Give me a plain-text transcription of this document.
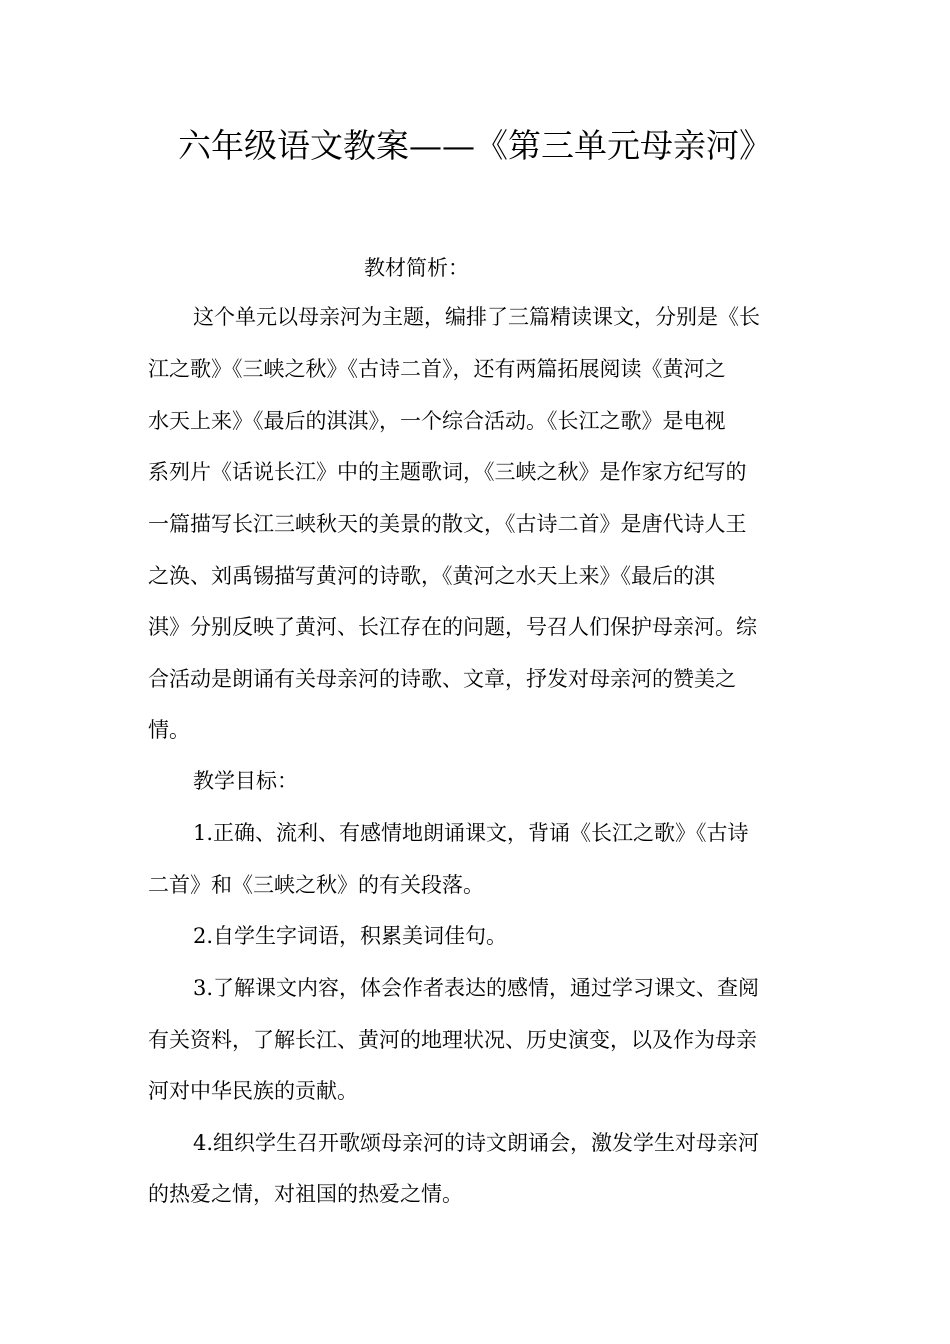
六年级语文教案——《第三单元母亲河》
教材简析：
这个单元以母亲河为主题，编排了三篇精读课文，分别是《长
江之歌》《三峡之秋》《古诗二首》，还有两篇拓展阅读《黄河之
水天上来》《最后的淇淇》，一个综合活动。《长江之歌》是电视
系列片《话说长江》中的主题歌词，《三峡之秋》是作家方纪写的
一篇描写长江三峡秋天的美景的散文，《古诗二首》是唐代诗人王
之涣、刘禹锡描写黄河的诗歌，《黄河之水天上来》《最后的淇
淇》分别反映了黄河、长江存在的问题，号召人们保护母亲河。综
合活动是朗诵有关母亲河的诗歌、文章，抒发对母亲河的赞美之
情。
教学目标：
1.正确、流利、有感情地朗诵课文，背诵《长江之歌》《古诗
二首》和《三峡之秋》的有关段落。
2.自学生字词语，积累美词佳句。
3.了解课文内容，体会作者表达的感情，通过学习课文、查阅
有关资料，了解长江、黄河的地理状况、历史演变，以及作为母亲
河对中华民族的贡献。
4.组织学生召开歌颂母亲河的诗文朗诵会，激发学生对母亲河
的热爱之情，对祖国的热爱之情。
